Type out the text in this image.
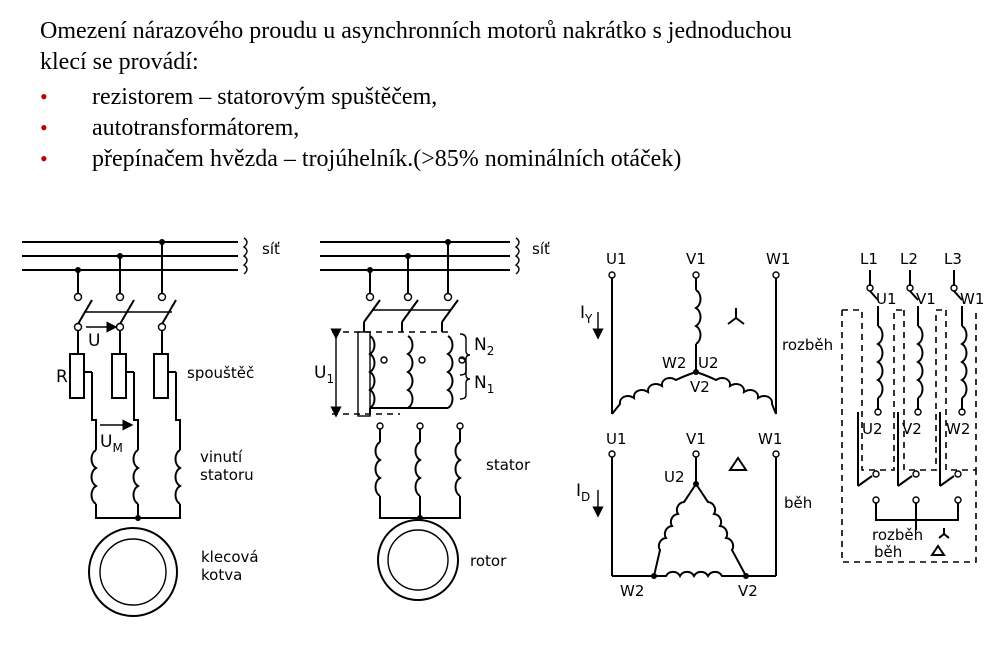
Omezení nárazového proudu u asynchronních motorů nakrátko s jednoduchou
klecí se provádí:
• rezistorem – statorovým spuštěčem,
• autotransformátorem,
• přepínačem hvězda – trojúhelník.(>85% nominálních otáček)
síť
U
R	spouštěč
$U_M$	vinutí
statoru
klecová
kotva
síť
$U_1$
$N_2$
$N_1$
stator
rotor
U1	V1	W1
W2 U2
V2
$I_Y$
rozběh
U1	V1	W1
U2
W2	V2
$I_D$	běh
L1 L2 L3
U1 V1 W1
U2 V2 W2
rozběh
běh
